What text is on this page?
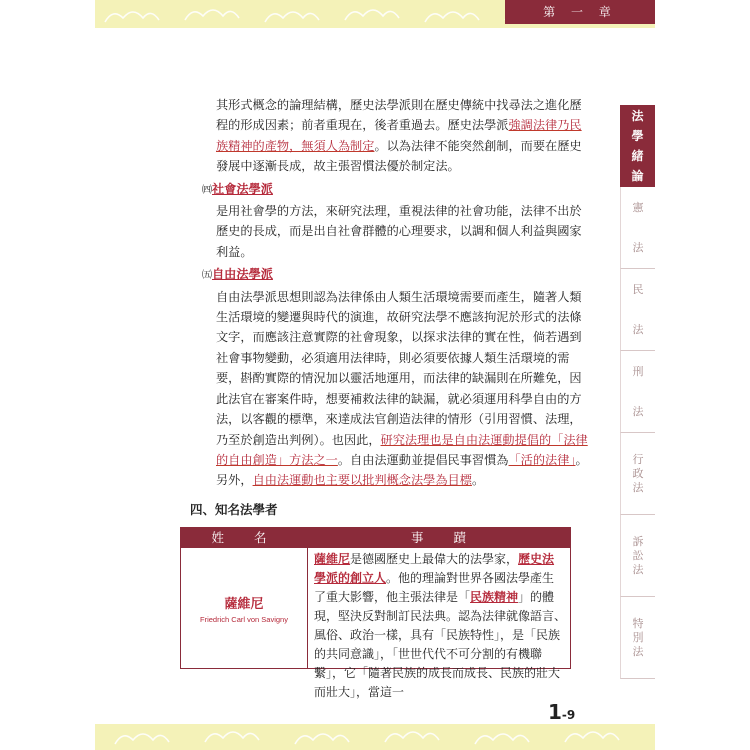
第 一 章

其形式概念的論理結構，歷史法學派則在歷史傳統中找尋法之進化歷程的形成因素；前者重現在，後者重過去。歷史法學派強調法律乃民族精神的產物，無須人為制定。以為法律不能突然創制，而要在歷史發展中逐漸長成，故主張習慣法優於制定法。

㈣社會法學派

是用社會學的方法，來研究法理，重視法律的社會功能，法律不出於歷史的長成，而是出自社會群體的心理要求，以調和個人利益與國家利益。

㈤自由法學派

自由法學派思想則認為法律係由人類生活環境需要而產生，隨著人類生活環境的變遷與時代的演進，故研究法學不應該拘泥於形式的法條文字，而應該注意實際的社會現象，以探求法律的實在性，倘若遇到社會事物變動，必須適用法律時，則必須要依據人類生活環境的需要，斟酌實際的情況加以靈活地運用，而法律的缺漏則在所難免，因此法官在審案件時，想要補救法律的缺漏，就必須運用科學自由的方法，以客觀的標準，來達成法官創造法律的情形（引用習慣、法理，乃至於創造出判例）。也因此，研究法理也是自由法運動提倡的「法律的自由創造」方法之一。自由法運動並提倡民事習慣為「活的法律」。另外，自由法運動也主要以批判概念法學為目標。

四、知名法學者
姓名	事蹟
薩維尼
Friedrich Carl von Savigny
薩維尼是德國歷史上最偉大的法學家，歷史法學派的創立人。他的理論對世界各國法學產生了重大影響，他主張法律是「民族精神」的體現，堅決反對制訂民法典。認為法律就像語言、風俗、政治一樣，具有「民族特性」，是「民族的共同意識」，「世世代代不可分割的有機聯繫」，它「隨著民族的成長而成長、民族的壯大而壯大」，當這一
法
學
緒
論
憲
法
民
法
刑
法
行
政
法
訴
訟
法
特
別
法
1-9
